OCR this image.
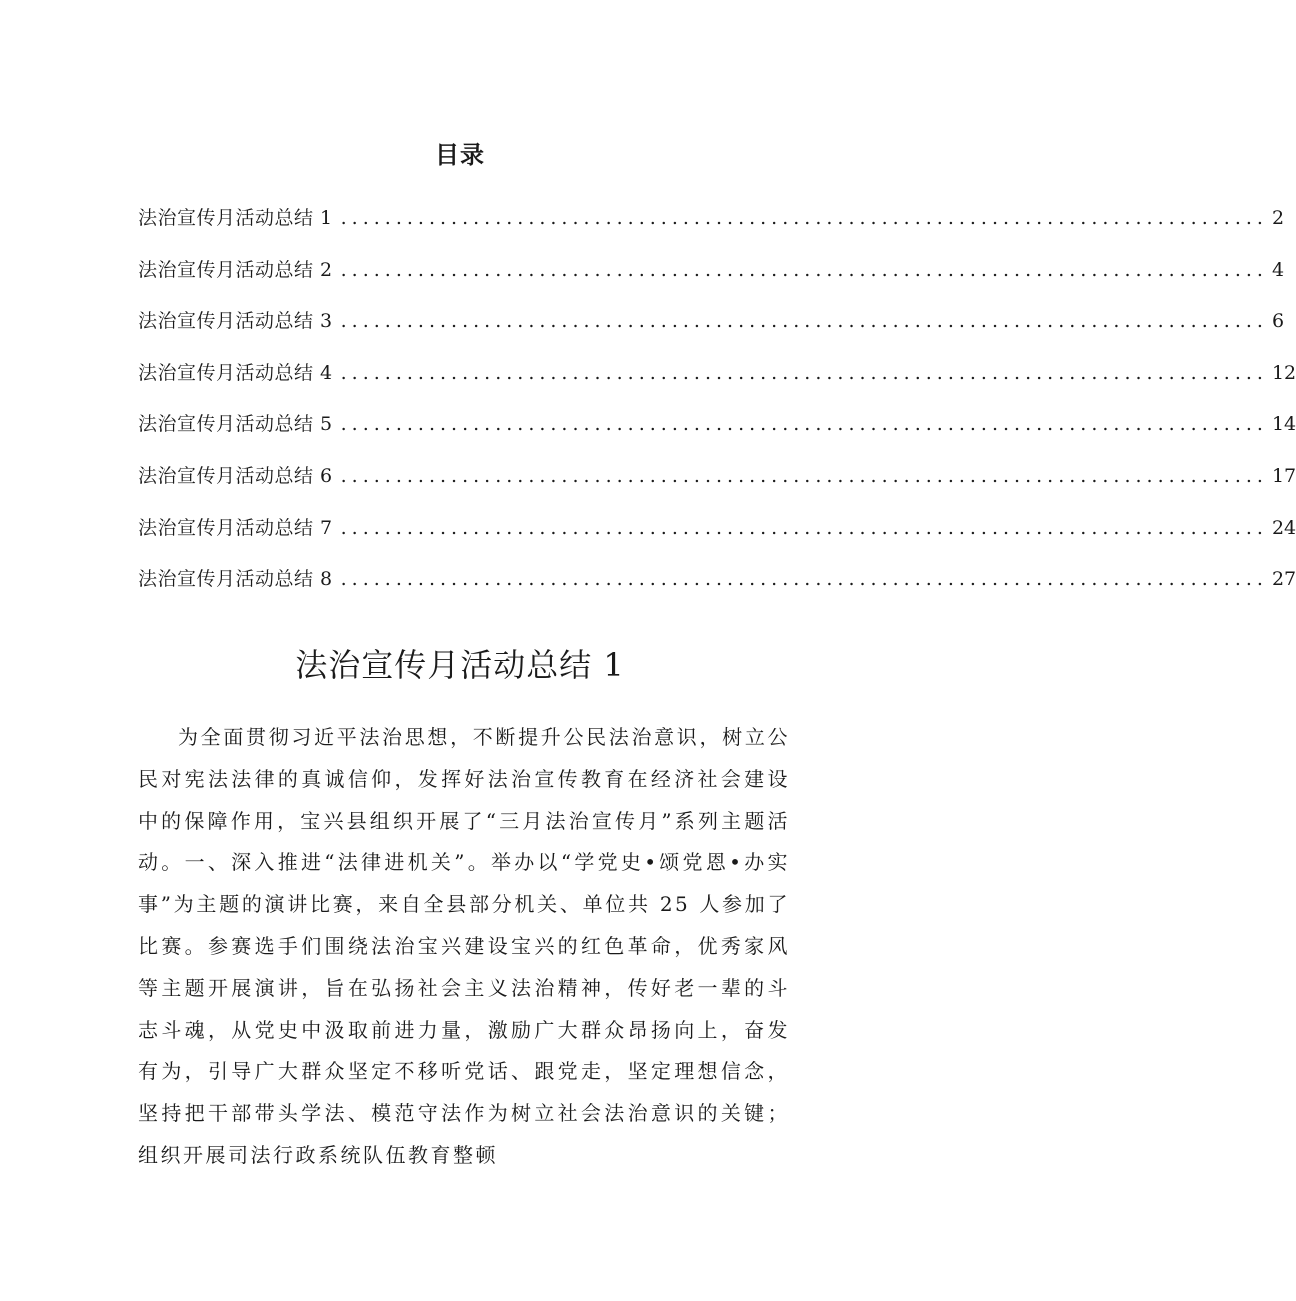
目录
法治宣传月活动总结 1 .................................................................................... 2
法治宣传月活动总结 2 .................................................................................... 4
法治宣传月活动总结 3 .................................................................................... 6
法治宣传月活动总结 4 .................................................................................... 12
法治宣传月活动总结 5 .................................................................................... 14
法治宣传月活动总结 6 .................................................................................... 17
法治宣传月活动总结 7 .................................................................................... 24
法治宣传月活动总结 8 .................................................................................... 27
法治宣传月活动总结 1

为全面贯彻习近平法治思想，不断提升公民法治意识，树立公民对宪法法律的真诚信仰，发挥好法治宣传教育在经济社会建设中的保障作用，宝兴县组织开展了“三月法治宣传月”系列主题活动。一、深入推进“法律进机关”。举办以“学党史•颂党恩•办实事”为主题的演讲比赛，来自全县部分机关、单位共 25 人参加了比赛。参赛选手们围绕法治宝兴建设宝兴的红色革命，优秀家风等主题开展演讲，旨在弘扬社会主义法治精神，传好老一辈的斗志斗魂，从党史中汲取前进力量，激励广大群众昂扬向上，奋发有为，引导广大群众坚定不移听党话、跟党走，坚定理想信念，坚持把干部带头学法、模范守法作为树立社会法治意识的关键；组织开展司法行政系统队伍教育整顿
